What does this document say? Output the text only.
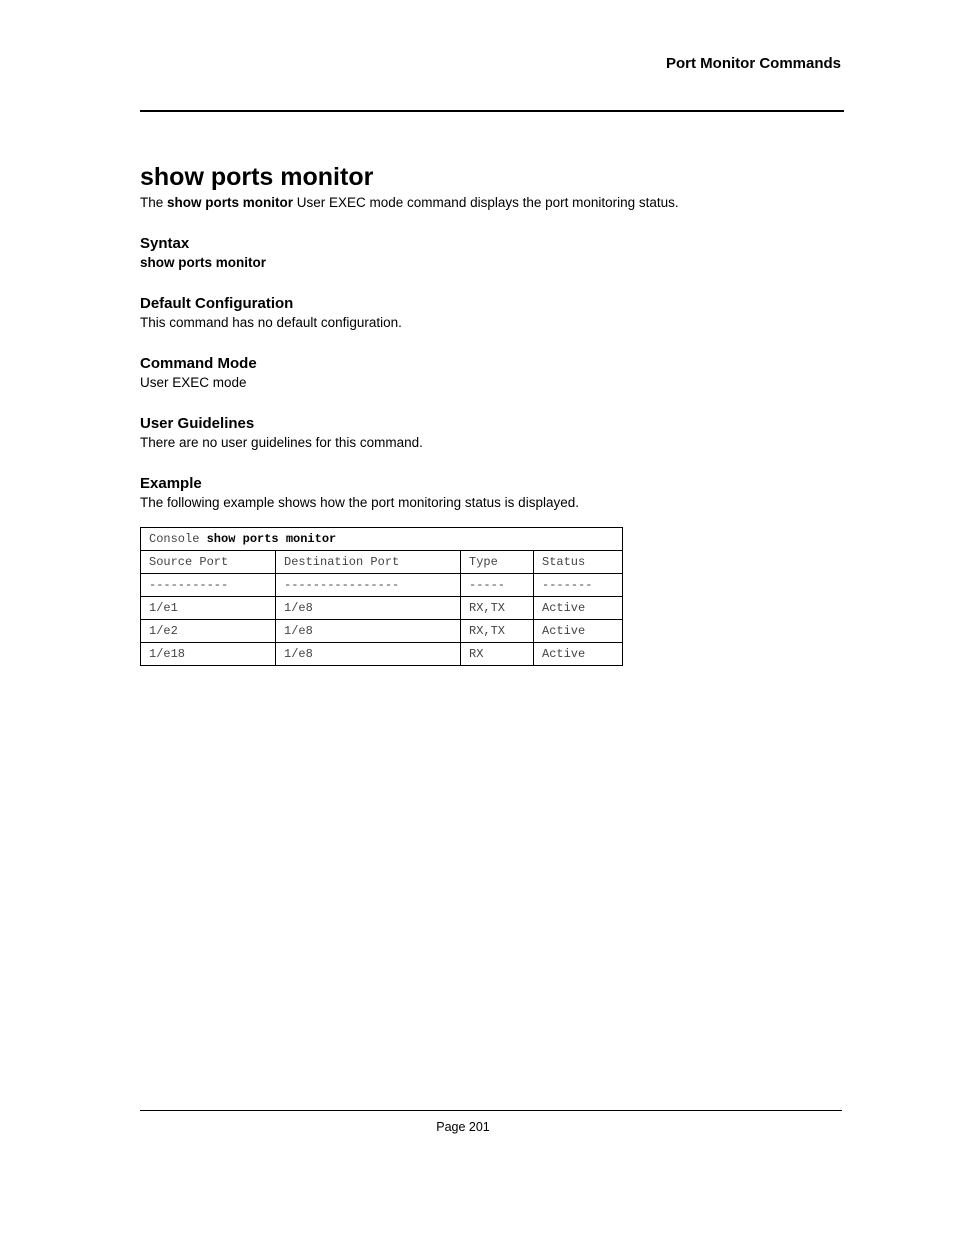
Port Monitor Commands
show ports monitor

The show ports monitor User EXEC mode command displays the port monitoring status.

Syntax

show ports monitor

Default Configuration

This command has no default configuration.

Command Mode

User EXEC mode

User Guidelines

There are no user guidelines for this command.

Example

The following example shows how the port monitoring status is displayed.

Console show ports monitor			
Source Port	Destination Port	Type	Status
-----------	----------------	-----	-------
1/e1	1/e8	RX,TX	Active
1/e2	1/e8	RX,TX	Active
1/e18	1/e8	RX	Active
Page 201
